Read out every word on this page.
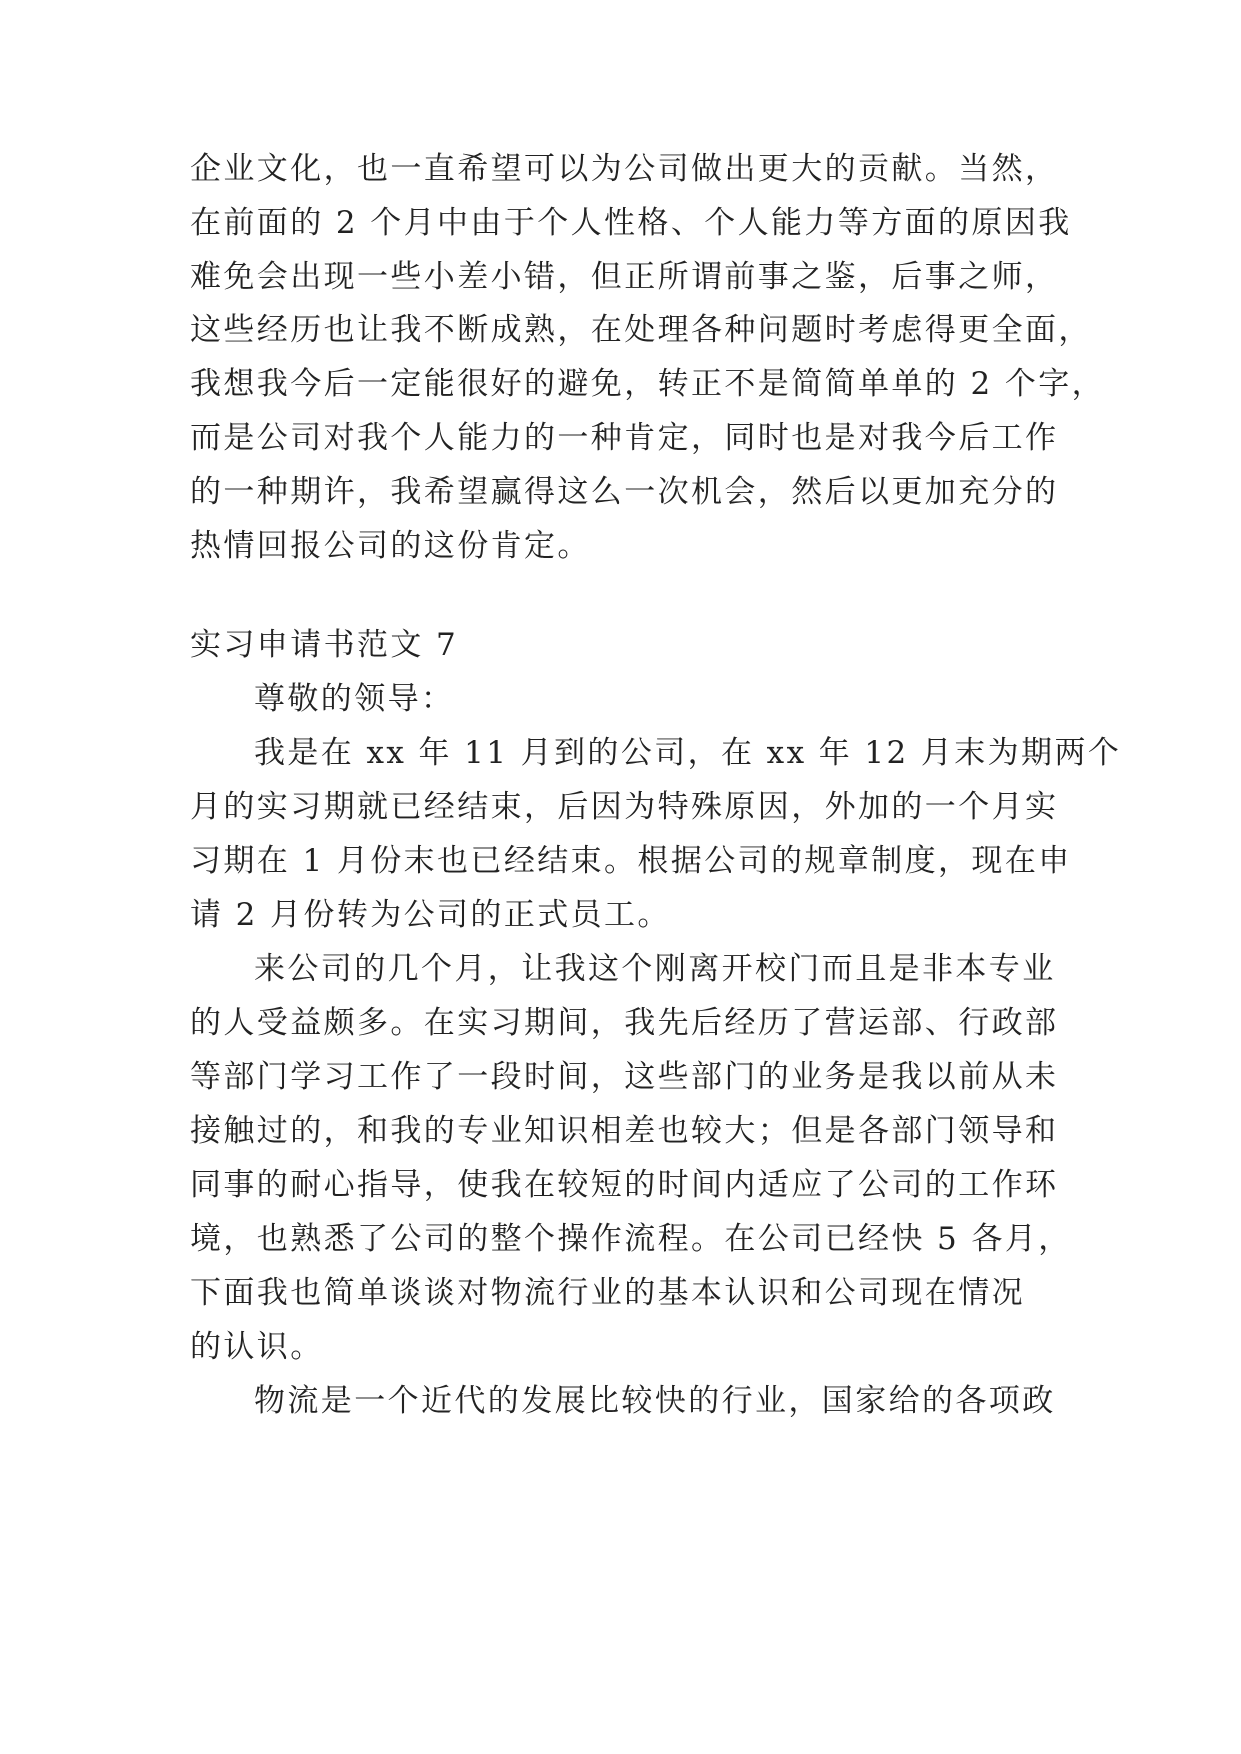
企业文化，也一直希望可以为公司做出更大的贡献。当然，
在前面的 2 个月中由于个人性格、个人能力等方面的原因我
难免会出现一些小差小错，但正所谓前事之鉴，后事之师，
这些经历也让我不断成熟，在处理各种问题时考虑得更全面，
我想我今后一定能很好的避免，转正不是简简单单的 2 个字，
而是公司对我个人能力的一种肯定，同时也是对我今后工作
的一种期许，我希望赢得这么一次机会，然后以更加充分的
热情回报公司的这份肯定。
实习申请书范文 7
尊敬的领导：
我是在 xx 年 11 月到的公司，在 xx 年 12 月末为期两个
月的实习期就已经结束，后因为特殊原因，外加的一个月实
习期在 1 月份末也已经结束。根据公司的规章制度，现在申
请 2 月份转为公司的正式员工。
来公司的几个月，让我这个刚离开校门而且是非本专业
的人受益颇多。在实习期间，我先后经历了营运部、行政部
等部门学习工作了一段时间，这些部门的业务是我以前从未
接触过的，和我的专业知识相差也较大；但是各部门领导和
同事的耐心指导，使我在较短的时间内适应了公司的工作环
境，也熟悉了公司的整个操作流程。在公司已经快 5 各月，
下面我也简单谈谈对物流行业的基本认识和公司现在情况
的认识。
物流是一个近代的发展比较快的行业，国家给的各项政
